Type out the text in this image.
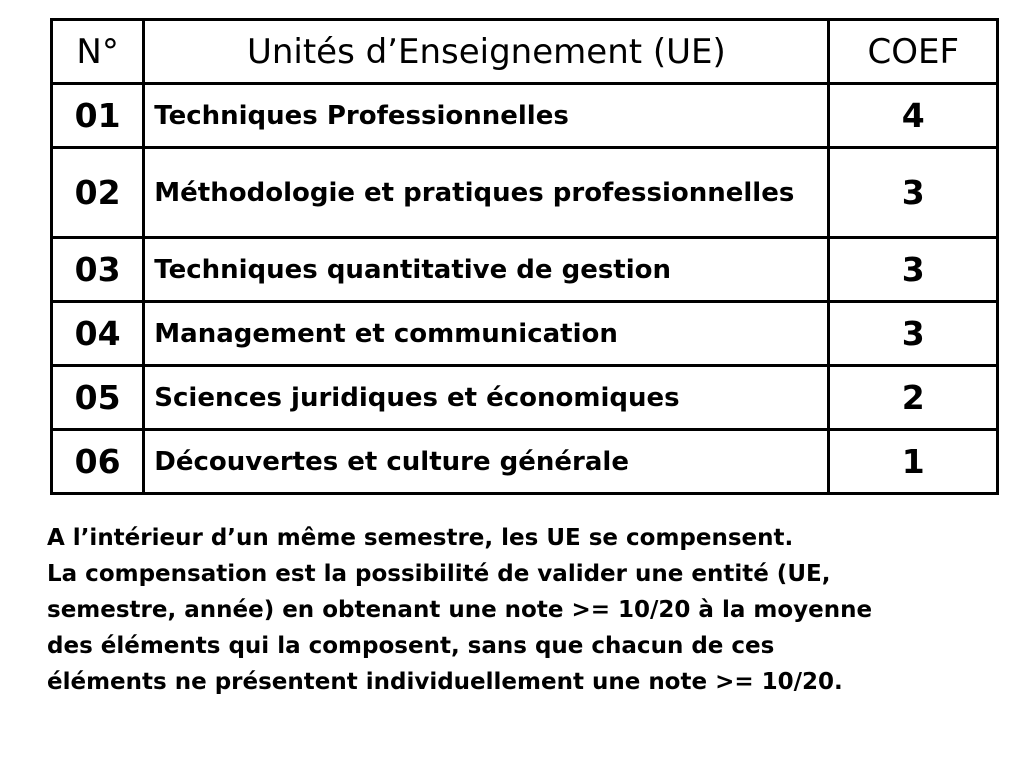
N°	Unités d’Enseignement (UE)	COEF
01	Techniques Professionnelles	4
02	Méthodologie et pratiques professionnelles	3
03	Techniques quantitative de gestion	3
04	Management et communication	3
05	Sciences juridiques et économiques	2
06	Découvertes et culture générale	1

A l’intérieur d’un même semestre, les UE se compensent.

La compensation est la possibilité de valider une entité (UE,

semestre, année) en obtenant une note >= 10/20 à la moyenne

des éléments qui la composent, sans que chacun de ces

éléments ne présentent individuellement une note >= 10/20.
